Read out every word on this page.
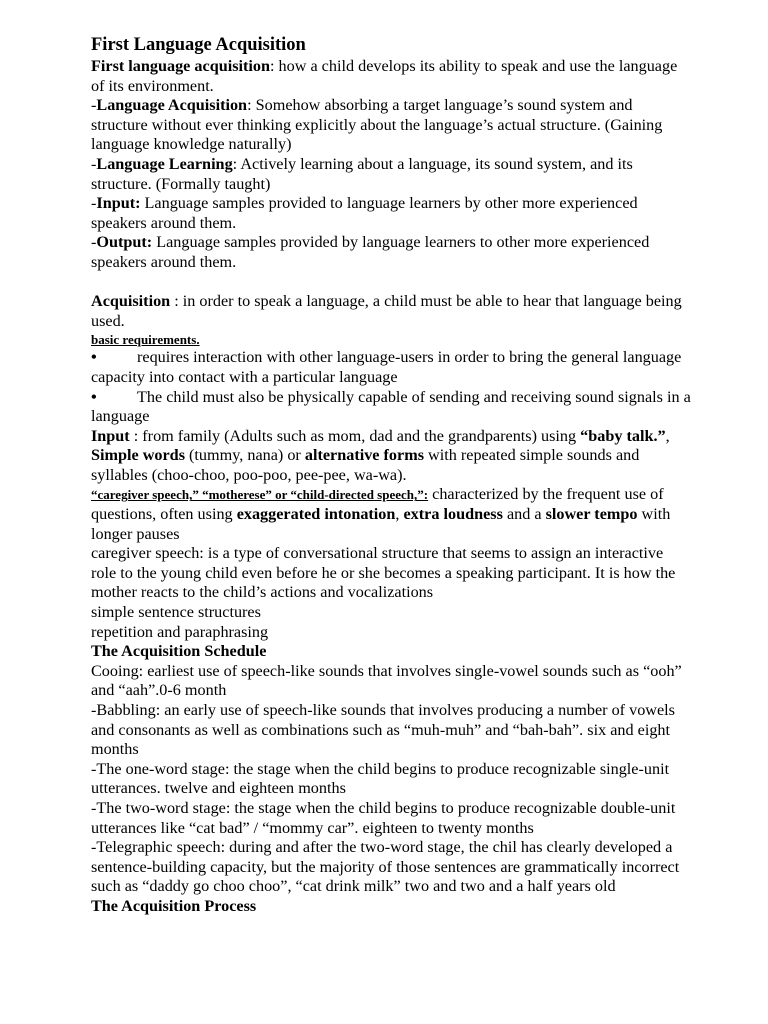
First Language Acquisition

First language acquisition: how a child develops its ability to speak and use the language of its environment.

-Language Acquisition: Somehow absorbing a target language’s sound system and structure without ever thinking explicitly about the language’s actual structure. (Gaining language knowledge naturally)

-Language Learning: Actively learning about a language, its sound system, and its structure. (Formally taught)

-Input: Language samples provided to language learners by other more experienced speakers around them.

-Output: Language samples provided by language learners to other more experienced speakers around them.

Acquisition : in order to speak a language, a child must be able to hear that language being used.

basic requirements.

• requires interaction with other language-users in order to bring the general language capacity into contact with a particular language

• The child must also be physically capable of sending and receiving sound signals in a language

Input : from family (Adults such as mom, dad and the grandparents) using “baby talk.”, Simple words (tummy, nana) or alternative forms with repeated simple sounds and syllables (choo-choo, poo-poo, pee-pee, wa-wa).

“caregiver speech,” “motherese” or “child-directed speech,”: characterized by the frequent use of questions, often using exaggerated intonation, extra loudness and a slower tempo with longer pauses

caregiver speech: is a type of conversational structure that seems to assign an interactive role to the young child even before he or she becomes a speaking participant. It is how the mother reacts to the child’s actions and vocalizations

simple sentence structures

repetition and paraphrasing

The Acquisition Schedule

Cooing: earliest use of speech-like sounds that involves single-vowel sounds such as “ooh” and “aah”.0-6 month

-Babbling: an early use of speech-like sounds that involves producing a number of vowels and consonants as well as combinations such as “muh-muh” and “bah-bah”. six and eight months

-The one-word stage: the stage when the child begins to produce recognizable single-unit utterances. twelve and eighteen months

-The two-word stage: the stage when the child begins to produce recognizable double-unit utterances like “cat bad” / “mommy car”. eighteen to twenty months

-Telegraphic speech: during and after the two-word stage, the chil has clearly developed a sentence-building capacity, but the majority of those sentences are grammatically incorrect such as “daddy go choo choo”, “cat drink milk” two and two and a half years old

The Acquisition Process
